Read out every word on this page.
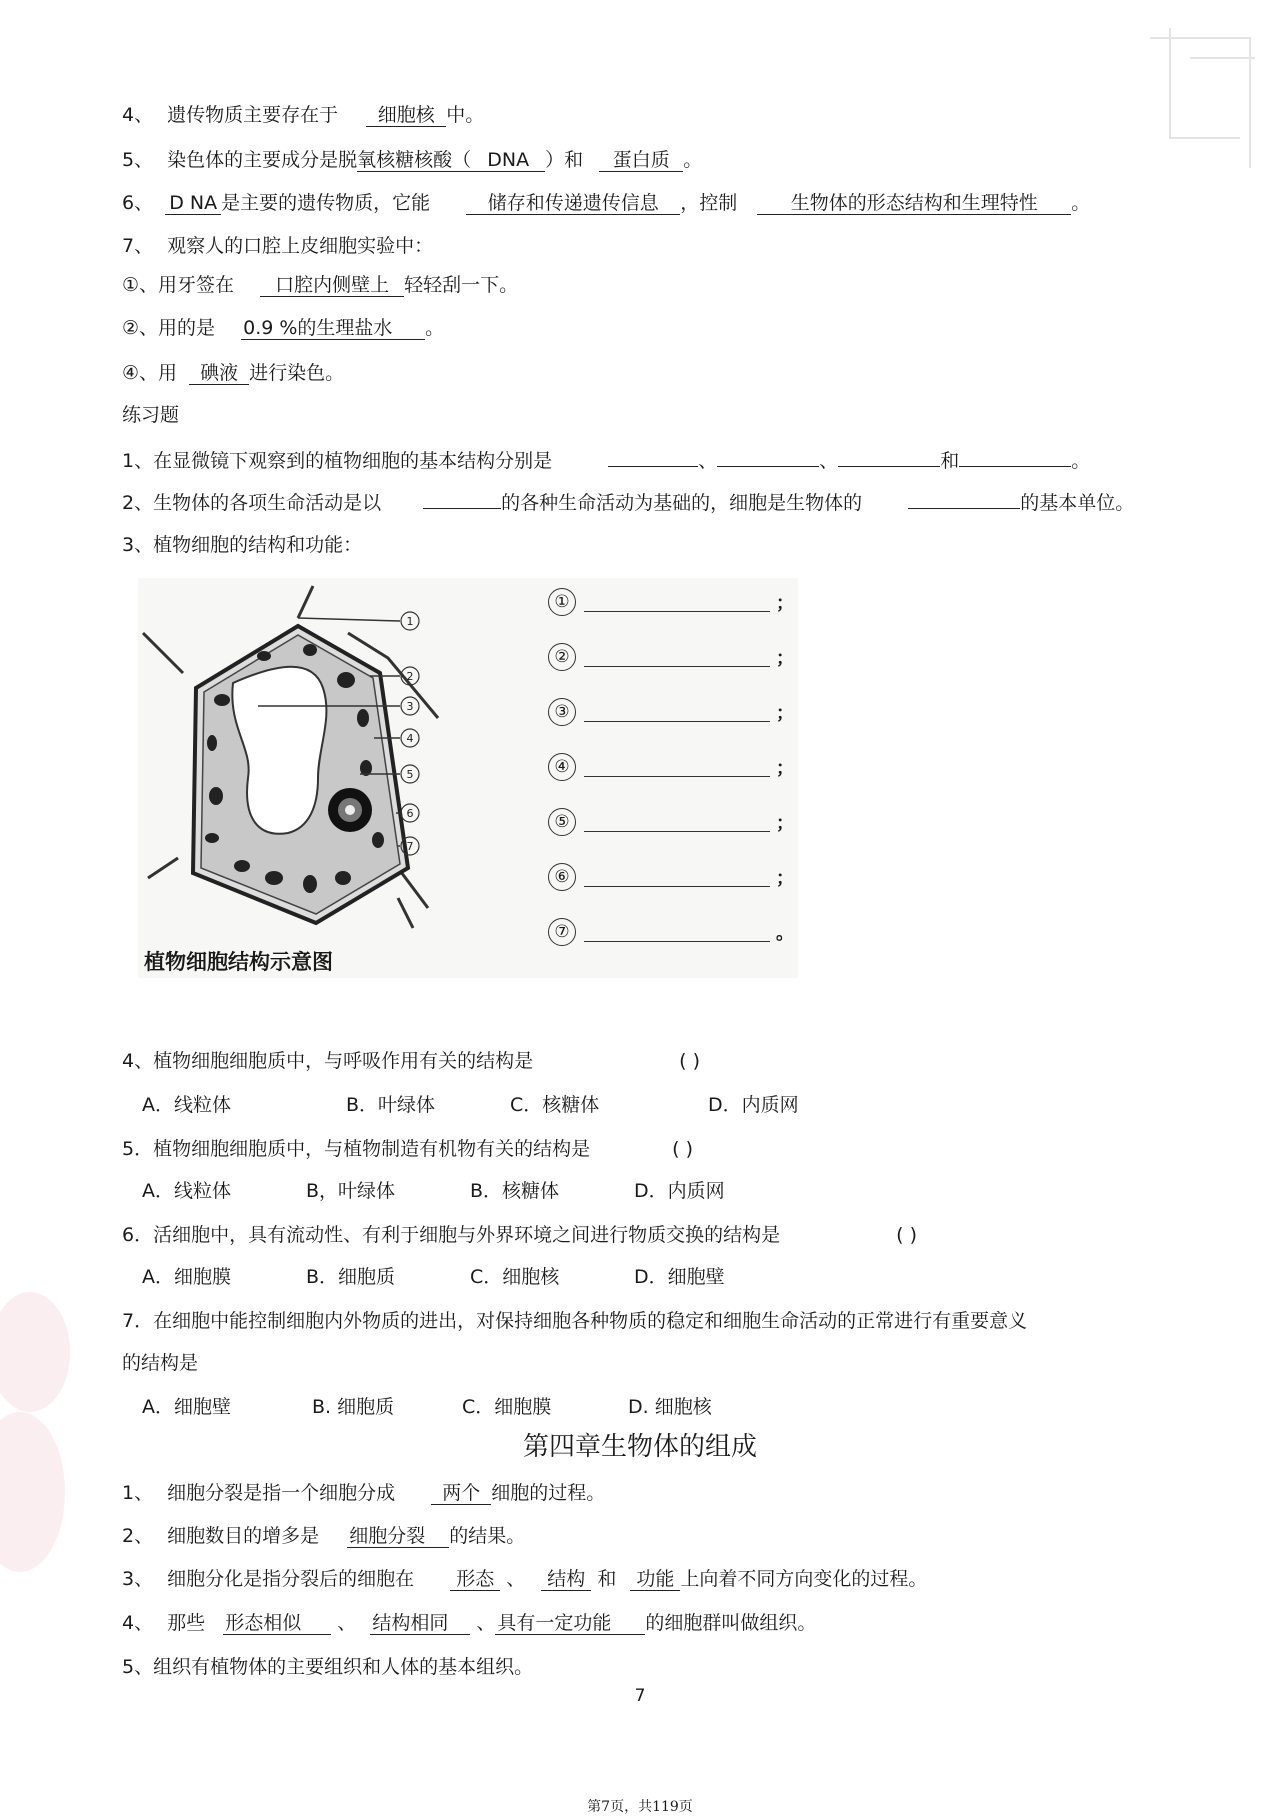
4、 遗传物质主要存在于 细胞核 中。
5、 染色体的主要成分是脱氧核糖核酸（ DNA ）和 蛋白质 。
6、 D NA 是主要的遗传物质，它能	储存和传递遗传信息 ，控制	生物体的形态结构和生理特性 。
7、 观察人的口腔上皮细胞实验中：
①、用牙签在 口腔内侧壁上 轻轻刮一下。
②、用的是 0.9 %的生理盐水 。
④、用 碘液 进行染色。
练习题
1、在显微镜下观察到的植物细胞的基本结构分别是	、	、	和	。
2、生物体的各项生命活动是以	的各种生命活动为基础的，细胞是生物体的	的基本单位。
3、植物细胞的结构和功能：
1
2
3
4
5
6
7
植物细胞结构示意图
①	；
②	；
③	；
④	；
⑤	；
⑥	；
⑦	。
4、植物细胞细胞质中，与呼吸作用有关的结构是	( )
A．线粒体	B．叶绿体	C．核糖体	D．内质网
5．植物细胞细胞质中，与植物制造有机物有关的结构是	( )
A．线粒体	B，叶绿体	B．核糖体	D．内质网
6．活细胞中，具有流动性、有利于细胞与外界环境之间进行物质交换的结构是	( )
A．细胞膜	B．细胞质	C．细胞核	D．细胞壁
7．在细胞中能控制细胞内外物质的进出，对保持细胞各种物质的稳定和细胞生命活动的正常进行有重要意义
的结构是
A．细胞壁	B. 细胞质	C．细胞膜	D. 细胞核
第四章生物体的组成
1、 细胞分裂是指一个细胞分成 两个 细胞的过程。
2、 细胞数目的增多是 细胞分裂 的结果。
3、 细胞分化是指分裂后的细胞在 形态 、 结构 和 功能 上向着不同方向变化的过程。
4、 那些 形态相似 、 结构相同 、 具有一定功能 的细胞群叫做组织。
5、组织有植物体的主要组织和人体的基本组织。
7
第7页，共119页
